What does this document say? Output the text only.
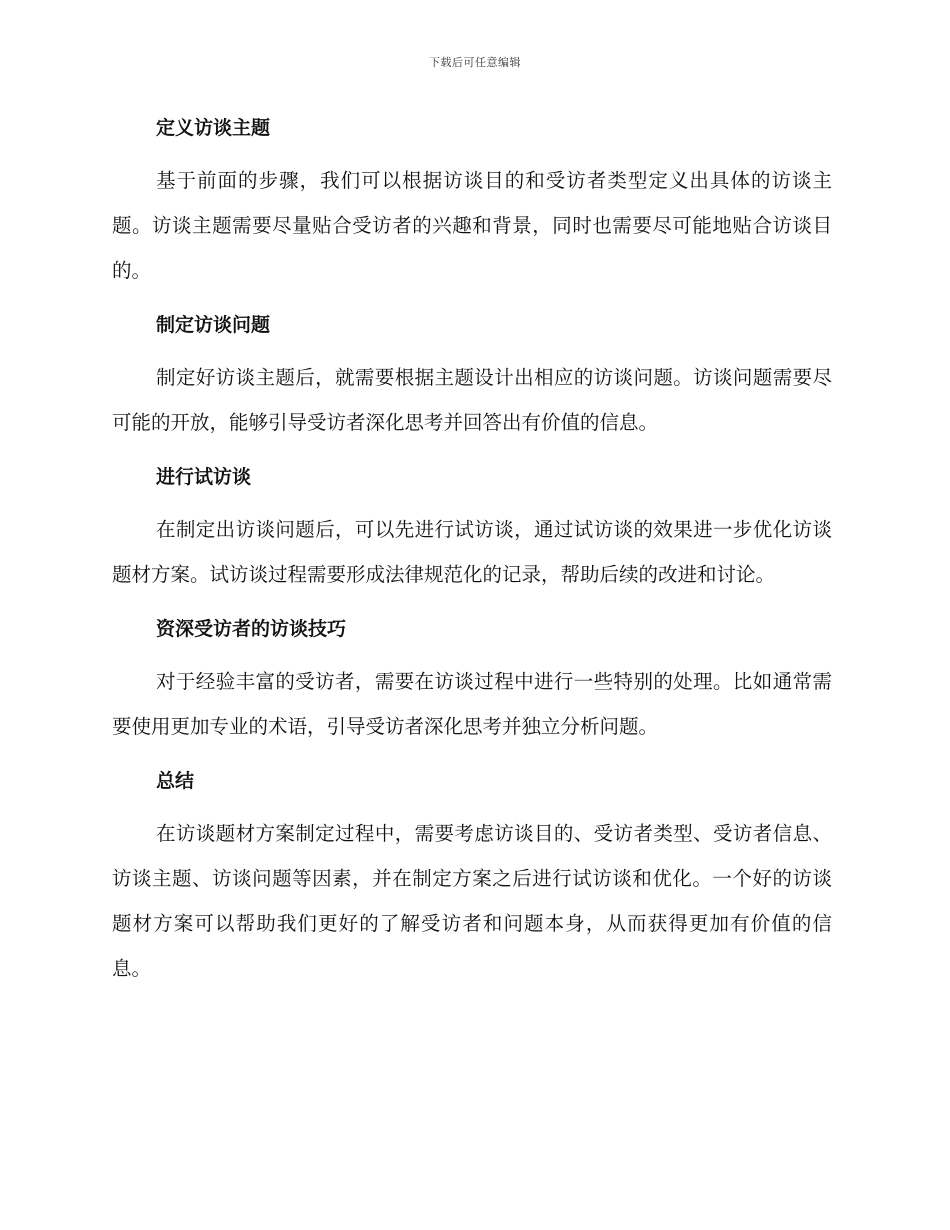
下载后可任意编辑
定义访谈主题

基于前面的步骤，我们可以根据访谈目的和受访者类型定义出具体的访谈主题。访谈主题需要尽量贴合受访者的兴趣和背景，同时也需要尽可能地贴合访谈目的。

制定访谈问题

制定好访谈主题后，就需要根据主题设计出相应的访谈问题。访谈问题需要尽可能的开放，能够引导受访者深化思考并回答出有价值的信息。

进行试访谈

在制定出访谈问题后，可以先进行试访谈，通过试访谈的效果进一步优化访谈题材方案。试访谈过程需要形成法律规范化的记录，帮助后续的改进和讨论。

资深受访者的访谈技巧

对于经验丰富的受访者，需要在访谈过程中进行一些特别的处理。比如通常需要使用更加专业的术语，引导受访者深化思考并独立分析问题。

总结

在访谈题材方案制定过程中，需要考虑访谈目的、受访者类型、受访者信息、访谈主题、访谈问题等因素，并在制定方案之后进行试访谈和优化。一个好的访谈题材方案可以帮助我们更好的了解受访者和问题本身，从而获得更加有价值的信息。
